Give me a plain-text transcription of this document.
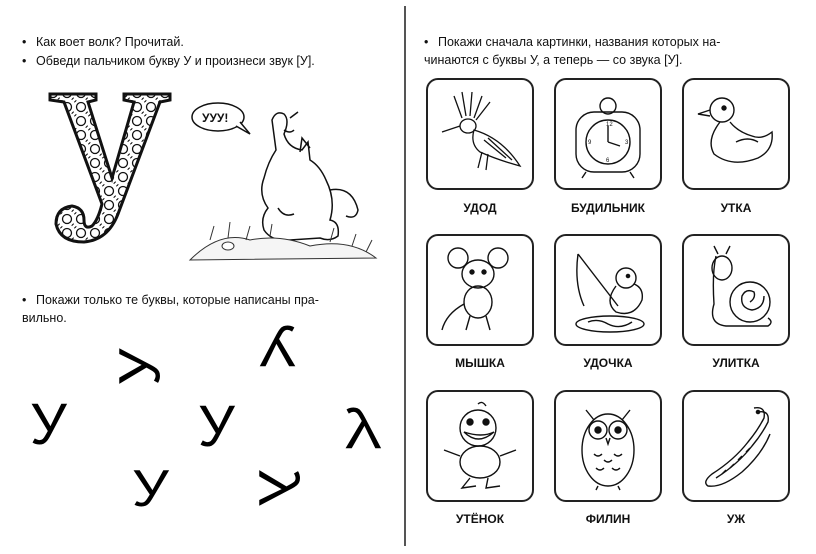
• Как воет волк? Прочитай.
• Обведи пальчиком букву У и произнеси звук [У].
УУУ!
• Покажи только те буквы, которые написаны пра-
вильно.
У У
У У У
У У
• Покажи сначала картинки, названия которых на-
чинаются с буквы У, а теперь — со звука [У].
УДОД
12
3
6
9
БУДИЛЬНИК	УТКА
МЫШКА	УДОЧКА	УЛИТКА
УТЁНОК	ФИЛИН	УЖ
